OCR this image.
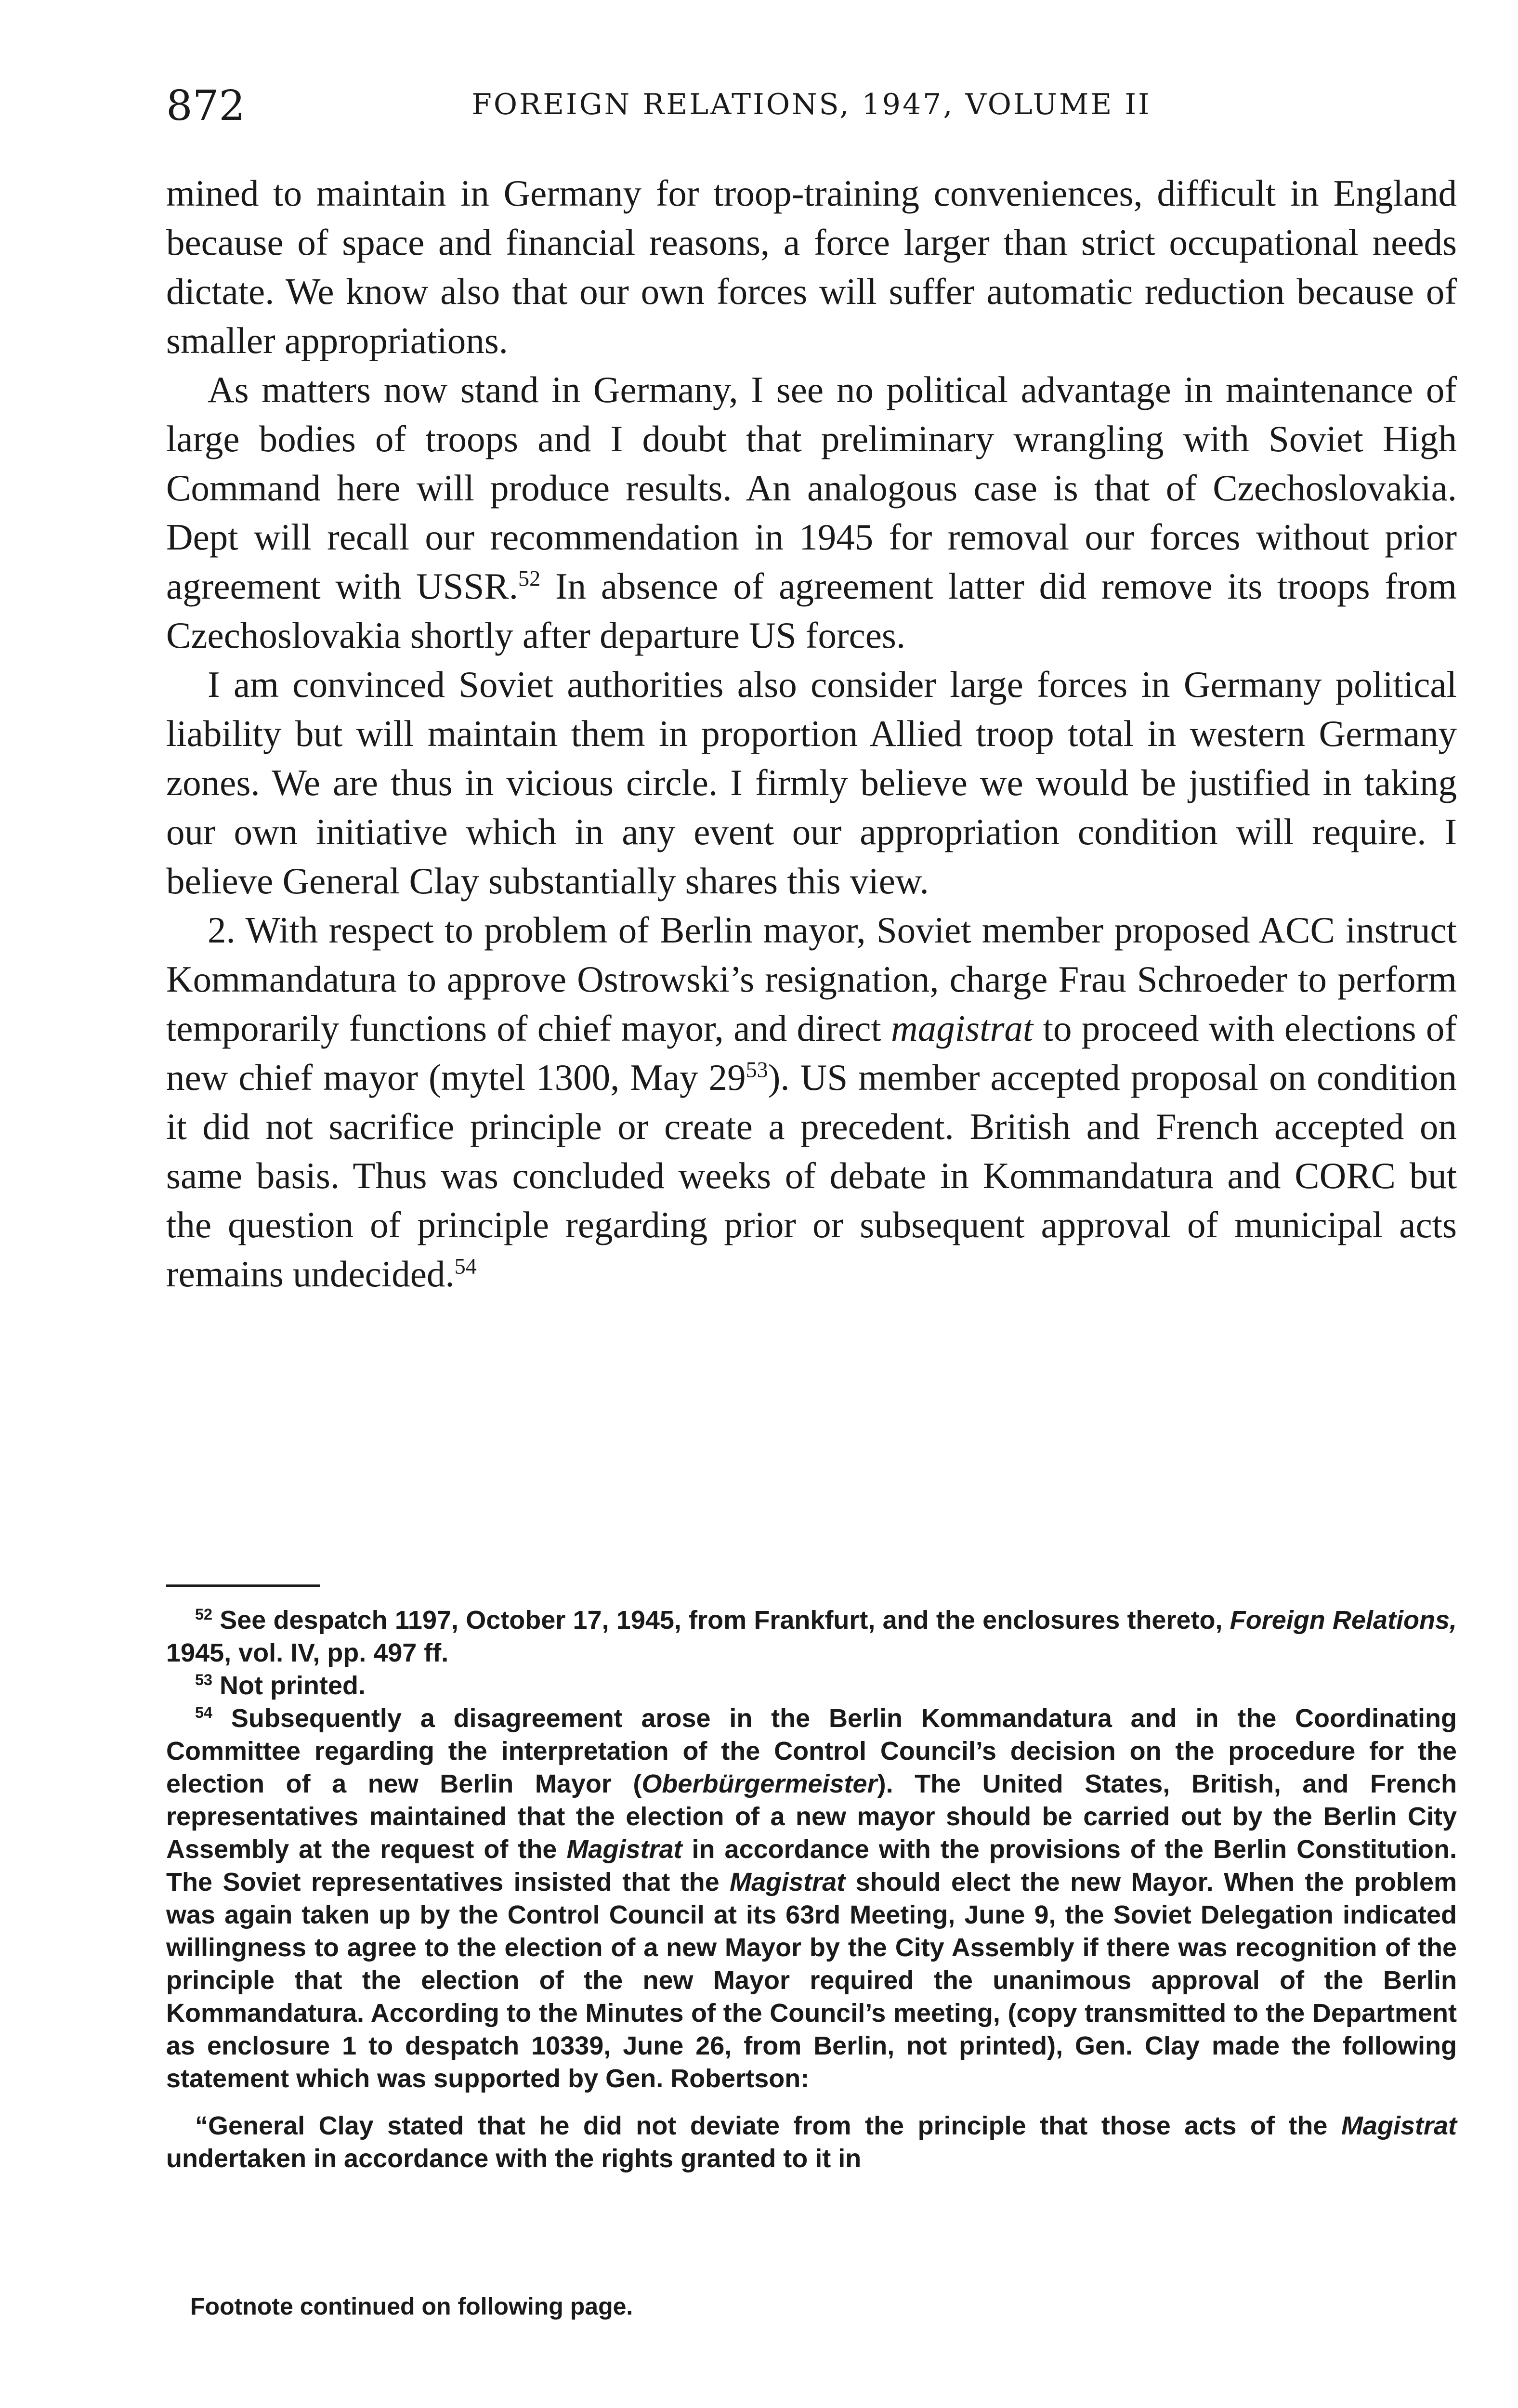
872	FOREIGN RELATIONS, 1947, VOLUME II

mined to maintain in Germany for troop-training conveniences, difficult in England because of space and financial reasons, a force larger than strict occupational needs dictate. We know also that our own forces will suffer automatic reduction because of smaller appropriations.

As matters now stand in Germany, I see no political advantage in maintenance of large bodies of troops and I doubt that preliminary wrangling with Soviet High Command here will produce results. An analogous case is that of Czechoslovakia. Dept will recall our recommendation in 1945 for removal our forces without prior agreement with USSR.$^{52}$ In absence of agreement latter did remove its troops from Czechoslovakia shortly after departure US forces.

I am convinced Soviet authorities also consider large forces in Germany political liability but will maintain them in proportion Allied troop total in western Germany zones. We are thus in vicious circle. I firmly believe we would be justified in taking our own initiative which in any event our appropriation condition will require. I believe General Clay substantially shares this view.

2. With respect to problem of Berlin mayor, Soviet member proposed ACC instruct Kommandatura to approve Ostrowski’s resignation, charge Frau Schroeder to perform temporarily functions of chief mayor, and direct magistrat to proceed with elections of new chief mayor (mytel 1300, May $29^{53}$). US member accepted proposal on condition it did not sacrifice principle or create a precedent. British and French accepted on same basis. Thus was concluded weeks of debate in Kommandatura and CORC but the question of principle regarding prior or subsequent approval of municipal acts remains undecided.$^{54}$

$^{52}$ See despatch 1197, October 17, 1945, from Frankfurt, and the enclosures thereto, Foreign Relations, 1945, vol. IV, pp. 497 ff.

$^{53}$ Not printed.

$^{54}$ Subsequently a disagreement arose in the Berlin Kommandatura and in the Coordinating Committee regarding the interpretation of the Control Council’s decision on the procedure for the election of a new Berlin Mayor (Oberbürgermeister). The United States, British, and French representatives maintained that the election of a new mayor should be carried out by the Berlin City Assembly at the request of the Magistrat in accordance with the provisions of the Berlin Constitution. The Soviet representatives insisted that the Magistrat should elect the new Mayor. When the problem was again taken up by the Control Council at its 63rd Meeting, June 9, the Soviet Delegation indicated willingness to agree to the election of a new Mayor by the City Assembly if there was recognition of the principle that the election of the new Mayor required the unanimous approval of the Berlin Kommandatura. According to the Minutes of the Council’s meeting, (copy transmitted to the Department as enclosure 1 to despatch 10339, June 26, from Berlin, not printed), Gen. Clay made the following statement which was supported by Gen. Robertson:

“General Clay stated that he did not deviate from the principle that those acts of the Magistrat undertaken in accordance with the rights granted to it in

Footnote continued on following page.
